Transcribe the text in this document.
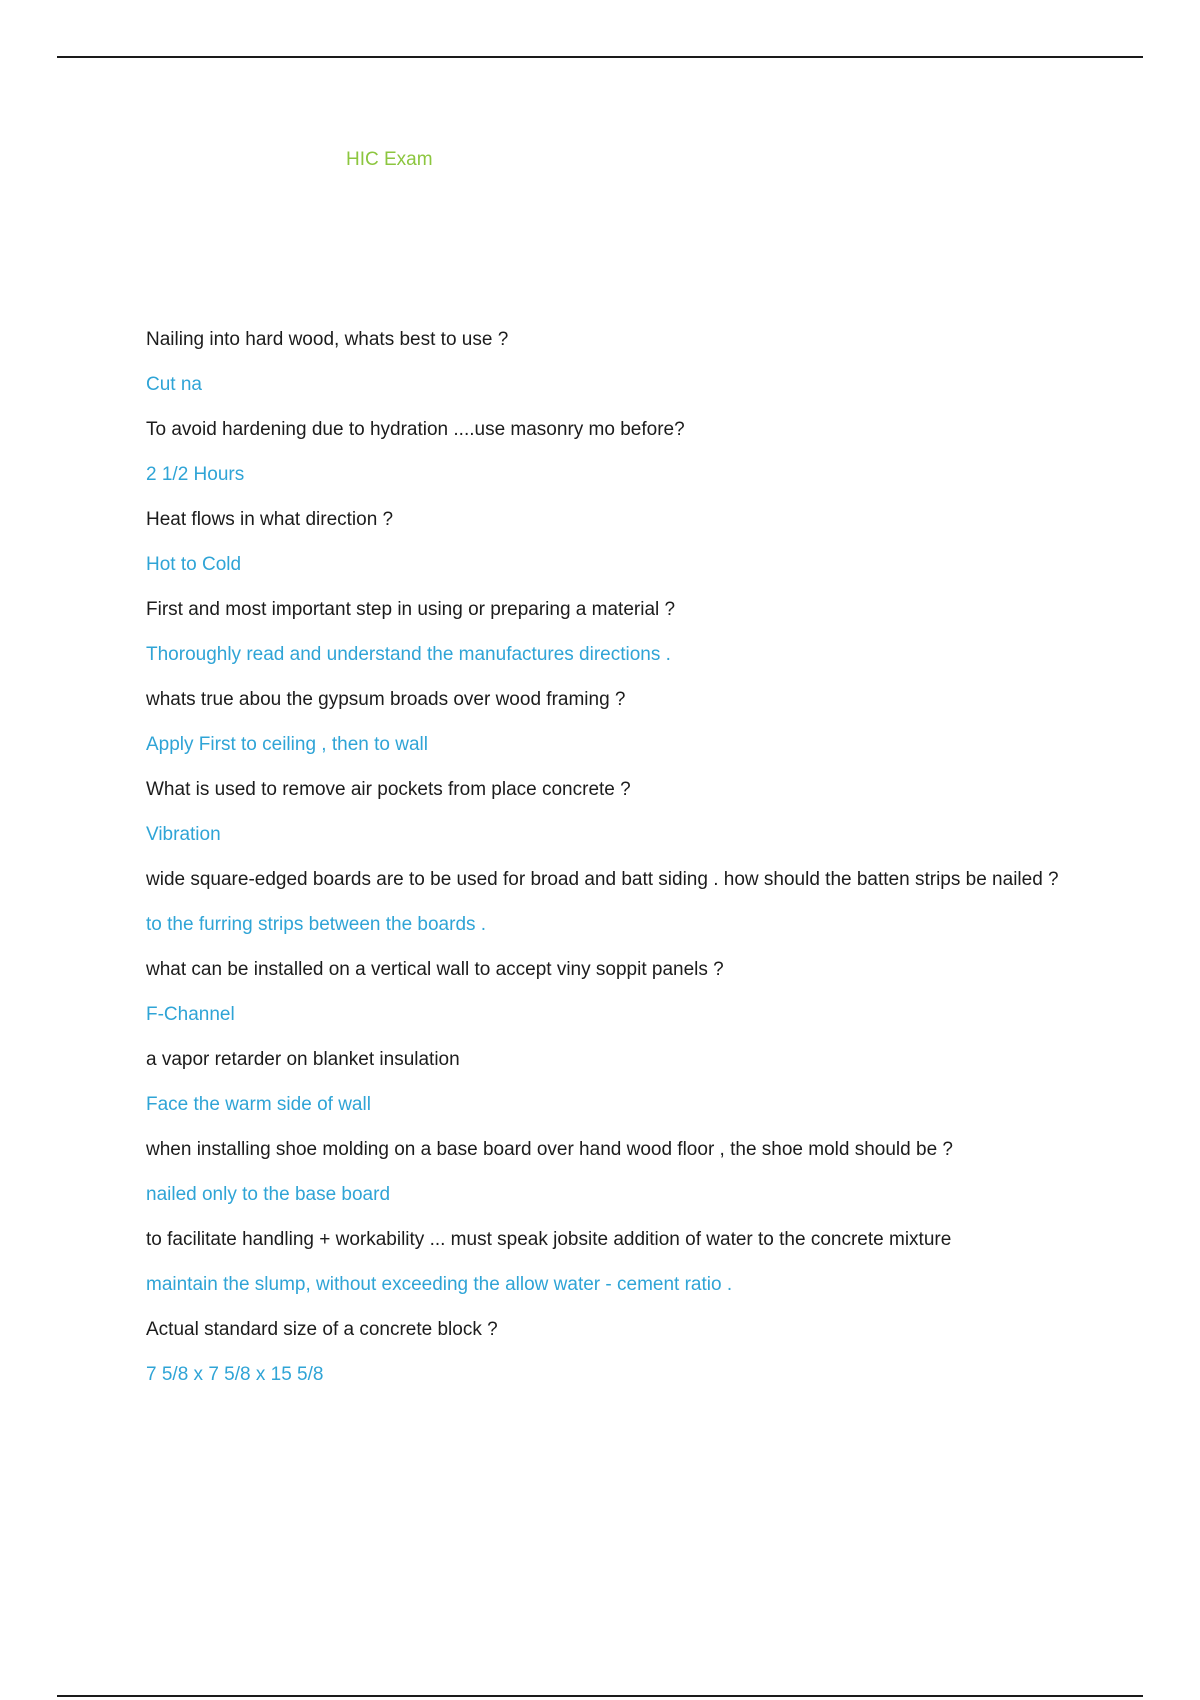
HIC Exam
Nailing into hard wood, whats best to use ?
Cut na
To avoid hardening due to hydration ....use masonry mo before?
2 1/2 Hours
Heat flows in what direction ?
Hot to Cold
First and most important step in using or preparing a material ?
Thoroughly read and understand the manufactures directions .
whats true abou the gypsum broads over wood framing ?
Apply First to ceiling , then to wall
What is used to remove air pockets from place concrete ?
Vibration
wide square-edged boards are to be used for broad and batt siding . how should the batten strips be nailed ?
to the furring strips between the boards .
what can be installed on a vertical wall to accept viny soppit panels ?
F-Channel
a vapor retarder on blanket insulation
Face the warm side of wall
when installing shoe molding on a base board over hand wood floor , the shoe mold should be ?
nailed only to the base board
to facilitate handling + workability ... must speak jobsite addition of water to the concrete mixture
maintain the slump, without exceeding the allow water - cement ratio .
Actual standard size of a concrete block ?
7 5/8 x 7 5/8 x 15 5/8
